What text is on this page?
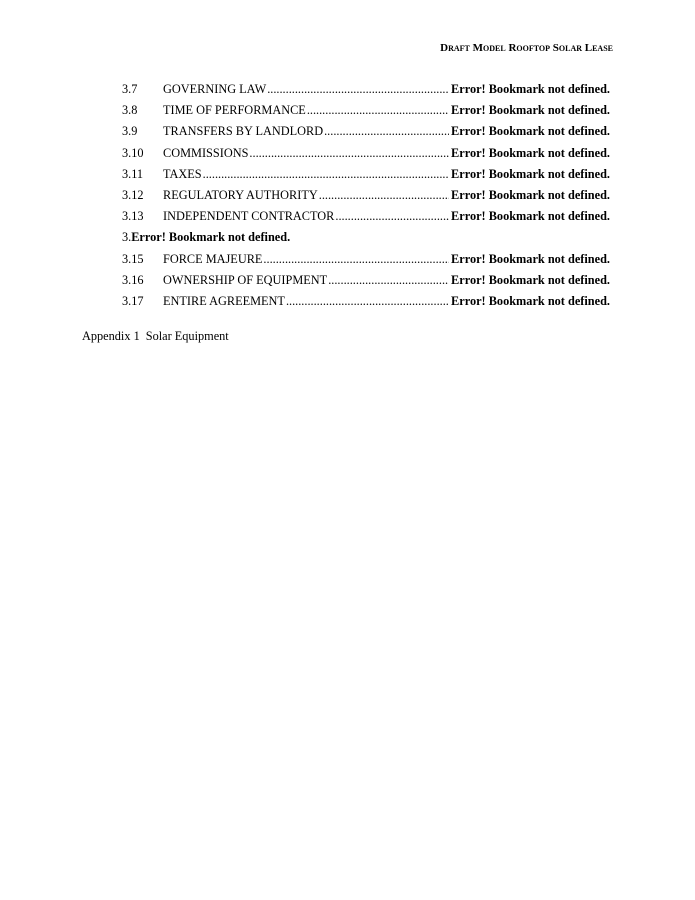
Draft Model Rooftop Solar Lease
3.7	GOVERNING LAW .....	Error! Bookmark not defined.
3.8	TIME OF PERFORMANCE .....	Error! Bookmark not defined.
3.9	TRANSFERS BY LANDLORD .....	Error! Bookmark not defined.
3.10	COMMISSIONS .....	Error! Bookmark not defined.
3.11	TAXES .....	Error! Bookmark not defined.
3.12	REGULATORY AUTHORITY .....	Error! Bookmark not defined.
3.13	INDEPENDENT CONTRACTOR .....	Error! Bookmark not defined.
3. Error! Bookmark not defined.
3.15	FORCE MAJEURE .....	Error! Bookmark not defined.
3.16	OWNERSHIP OF EQUIPMENT .....	Error! Bookmark not defined.
3.17	ENTIRE AGREEMENT .....	Error! Bookmark not defined.
Appendix 1 Solar Equipment
